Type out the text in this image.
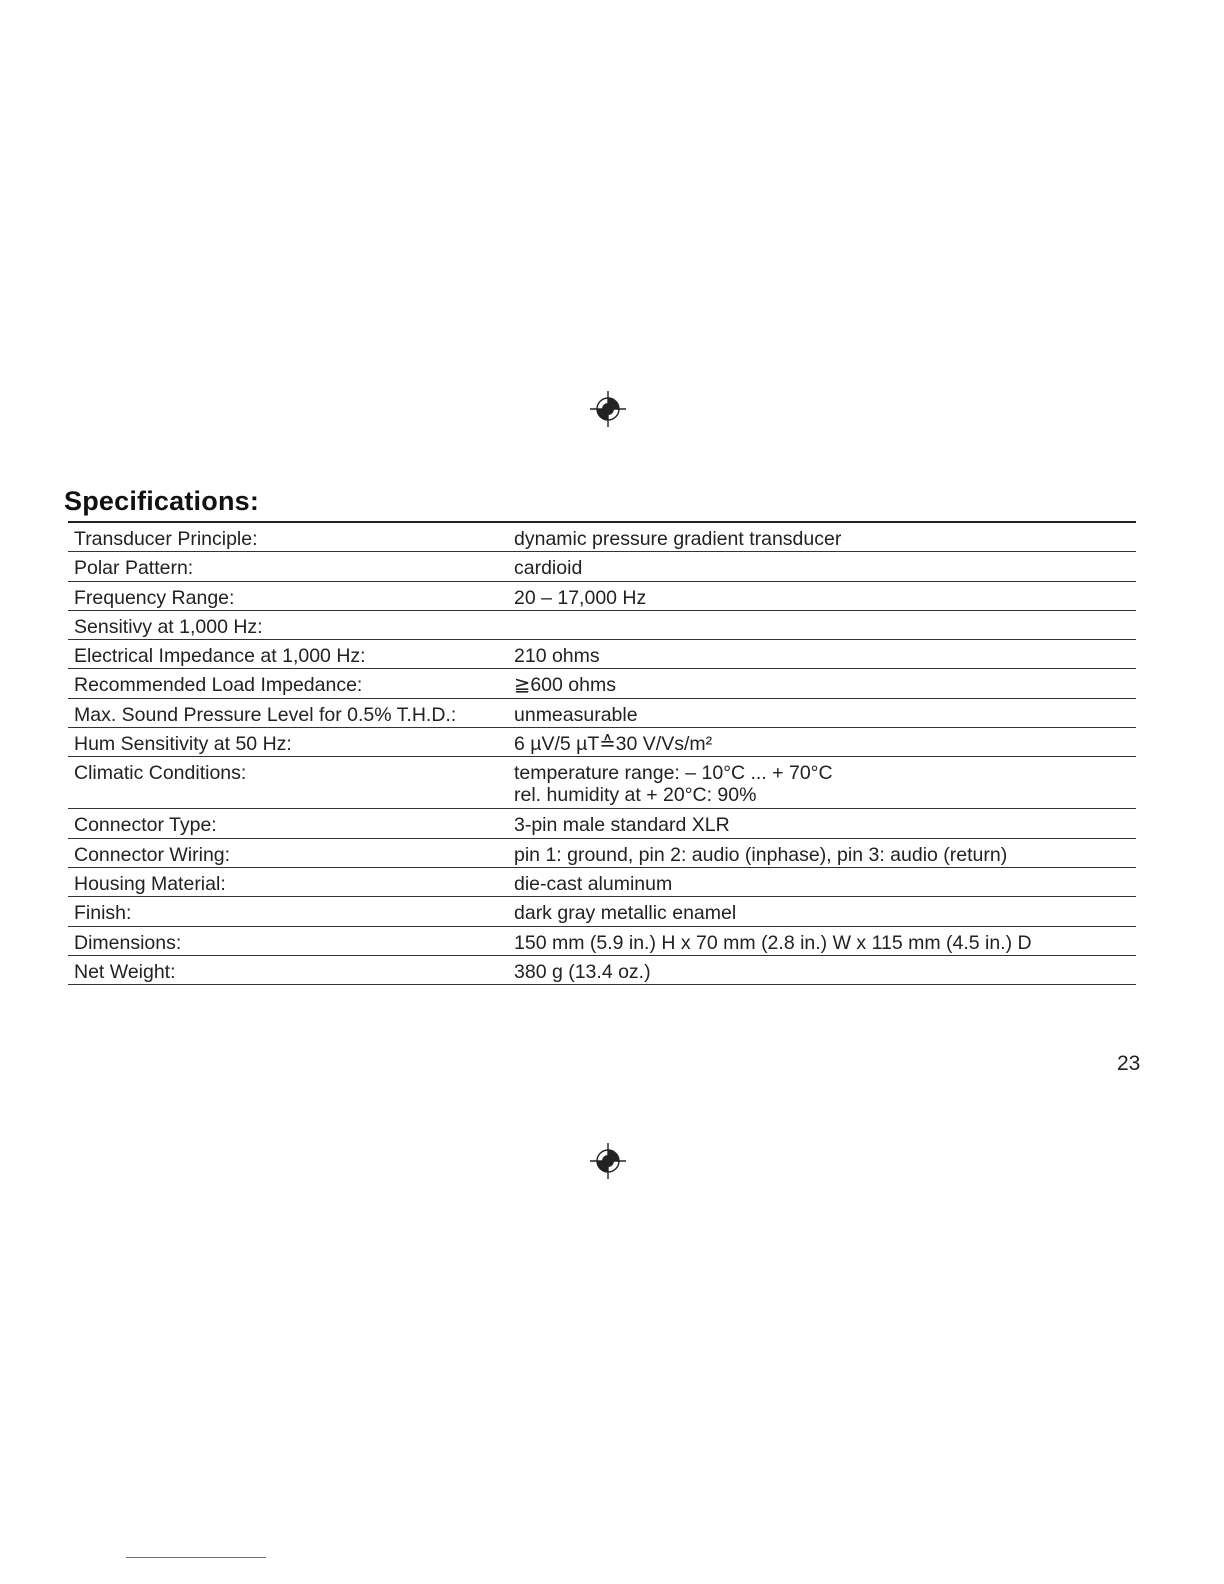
Specifications:
Transducer Principle:	dynamic pressure gradient transducer
Polar Pattern:	cardioid
Frequency Range:	20 – 17,000 Hz
Sensitivy at 1,000 Hz:
Electrical Impedance at 1,000 Hz:	210 ohms
Recommended Load Impedance:	≧600 ohms
Max. Sound Pressure Level for 0.5% T.H.D.:	unmeasurable
Hum Sensitivity at 50 Hz:	6 µV/5 µT≙30 V/Vs/m²
Climatic Conditions:	temperature range: – 10°C ... + 70°C
rel. humidity at + 20°C: 90%
Connector Type:	3-pin male standard XLR
Connector Wiring:	pin 1: ground, pin 2: audio (inphase), pin 3: audio (return)
Housing Material:	die-cast aluminum
Finish:	dark gray metallic enamel
Dimensions:	150 mm (5.9 in.) H x 70 mm (2.8 in.) W x 115 mm (4.5 in.) D
Net Weight:	380 g (13.4 oz.)
23
